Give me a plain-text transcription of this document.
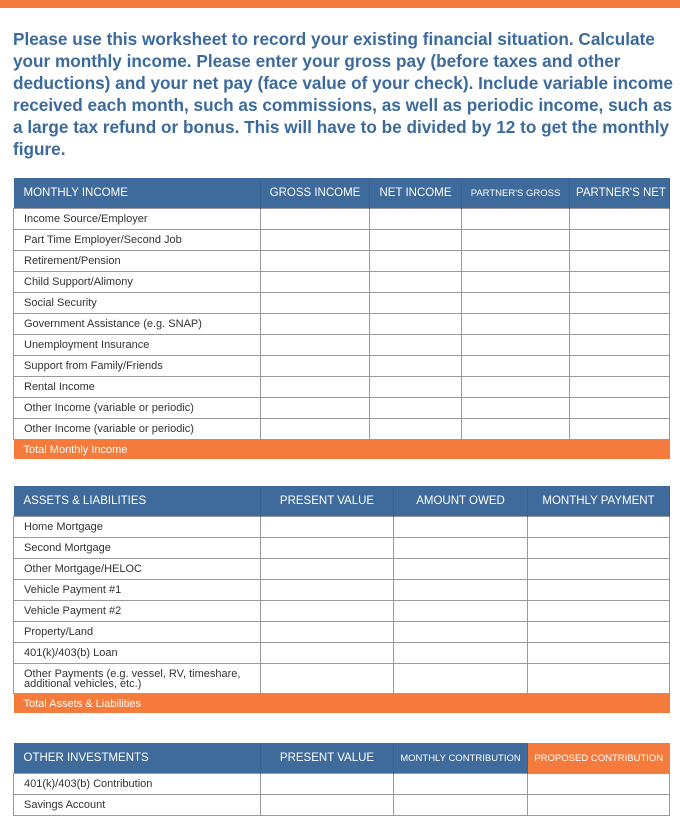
Please use this worksheet to record your existing financial situation. Calculate your monthly income. Please enter your gross pay (before taxes and other deductions) and your net pay (face value of your check). Include variable income received each month, such as commissions, as well as periodic income, such as a large tax refund or bonus. This will have to be divided by 12 to get the monthly figure.

MONTHLY INCOME	GROSS INCOME	NET INCOME	PARTNER'S GROSS	PARTNER'S NET
Income Source/Employer				
Part Time Employer/Second Job				
Retirement/Pension				
Child Support/Alimony				
Social Security				
Government Assistance (e.g. SNAP)				
Unemployment Insurance				
Support from Family/Friends				
Rental Income				
Other Income (variable or periodic)				
Other Income (variable or periodic)				
Total Monthly Income				
ASSETS & LIABILITIES	PRESENT VALUE	AMOUNT OWED	MONTHLY PAYMENT
Home Mortgage			
Second Mortgage			
Other Mortgage/HELOC			
Vehicle Payment #1			
Vehicle Payment #2			
Property/Land			
401(k)/403(b) Loan			
Other Payments (e.g. vessel, RV, timeshare, additional vehicles, etc.)			
Total Assets & Liabilities			
OTHER INVESTMENTS	PRESENT VALUE	MONTHLY CONTRIBUTION	PROPOSED CONTRIBUTION
401(k)/403(b) Contribution			
Savings Account			
